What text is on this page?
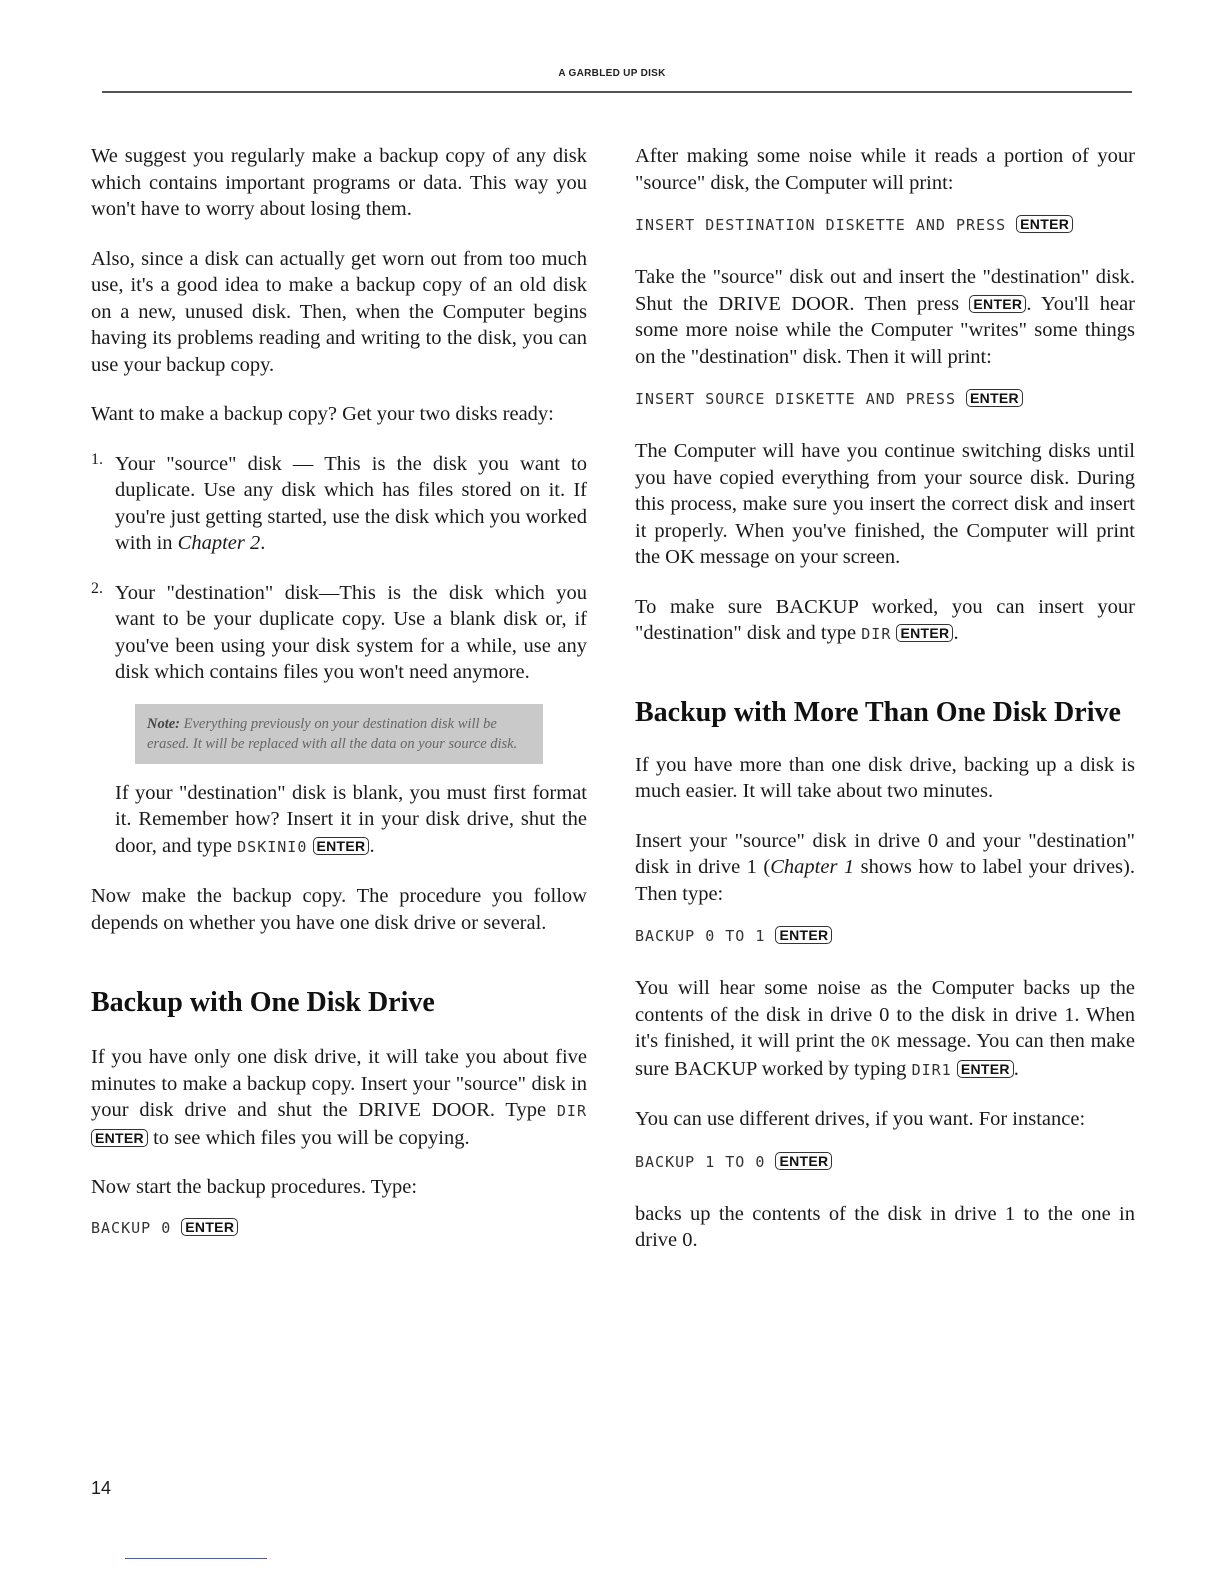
A GARBLED UP DISK

We suggest you regularly make a backup copy of any disk which contains important programs or data. This way you won't have to worry about losing them.

Also, since a disk can actually get worn out from too much use, it's a good idea to make a backup copy of an old disk on a new, unused disk. Then, when the Computer begins having its problems reading and writing to the disk, you can use your backup copy.

Want to make a backup copy? Get your two disks ready:

1. Your "source" disk — This is the disk you want to duplicate. Use any disk which has files stored on it. If you're just getting started, use the disk which you worked with in Chapter 2.
2. Your "destination" disk—This is the disk which you want to be your duplicate copy. Use a blank disk or, if you've been using your disk system for a while, use any disk which contains files you won't need anymore.
Note: Everything previously on your destination disk will be erased. It will be replaced with all the data on your source disk.

If your "destination" disk is blank, you must first format it. Remember how? Insert it in your disk drive, shut the door, and type DSKINI0 ENTER .

Now make the backup copy. The procedure you follow depends on whether you have one disk drive or several.

Backup with One Disk Drive

If you have only one disk drive, it will take you about five minutes to make a backup copy. Insert your "source" disk in your disk drive and shut the DRIVE DOOR. Type DIR ENTER to see which files you will be copying.

Now start the backup procedures. Type:

BACKUP 0 ENTER

After making some noise while it reads a portion of your "source" disk, the Computer will print:

INSERT DESTINATION DISKETTE AND PRESS ENTER

Take the "source" disk out and insert the "destination" disk. Shut the DRIVE DOOR. Then press ENTER . You'll hear some more noise while the Computer "writes" some things on the "destination" disk. Then it will print:

INSERT SOURCE DISKETTE AND PRESS ENTER

The Computer will have you continue switching disks until you have copied everything from your source disk. During this process, make sure you insert the correct disk and insert it properly. When you've finished, the Computer will print the OK message on your screen.

To make sure BACKUP worked, you can insert your "destination" disk and type DIR ENTER .

Backup with More Than One Disk Drive

If you have more than one disk drive, backing up a disk is much easier. It will take about two minutes.

Insert your "source" disk in drive 0 and your "destination" disk in drive 1 (Chapter 1 shows how to label your drives). Then type:

BACKUP 0 TO 1 ENTER

You will hear some noise as the Computer backs up the contents of the disk in drive 0 to the disk in drive 1. When it's finished, it will print the OK message. You can then make sure BACKUP worked by typing DIR1 ENTER .

You can use different drives, if you want. For instance:

BACKUP 1 TO 0 ENTER

backs up the contents of the disk in drive 1 to the one in drive 0.

14
